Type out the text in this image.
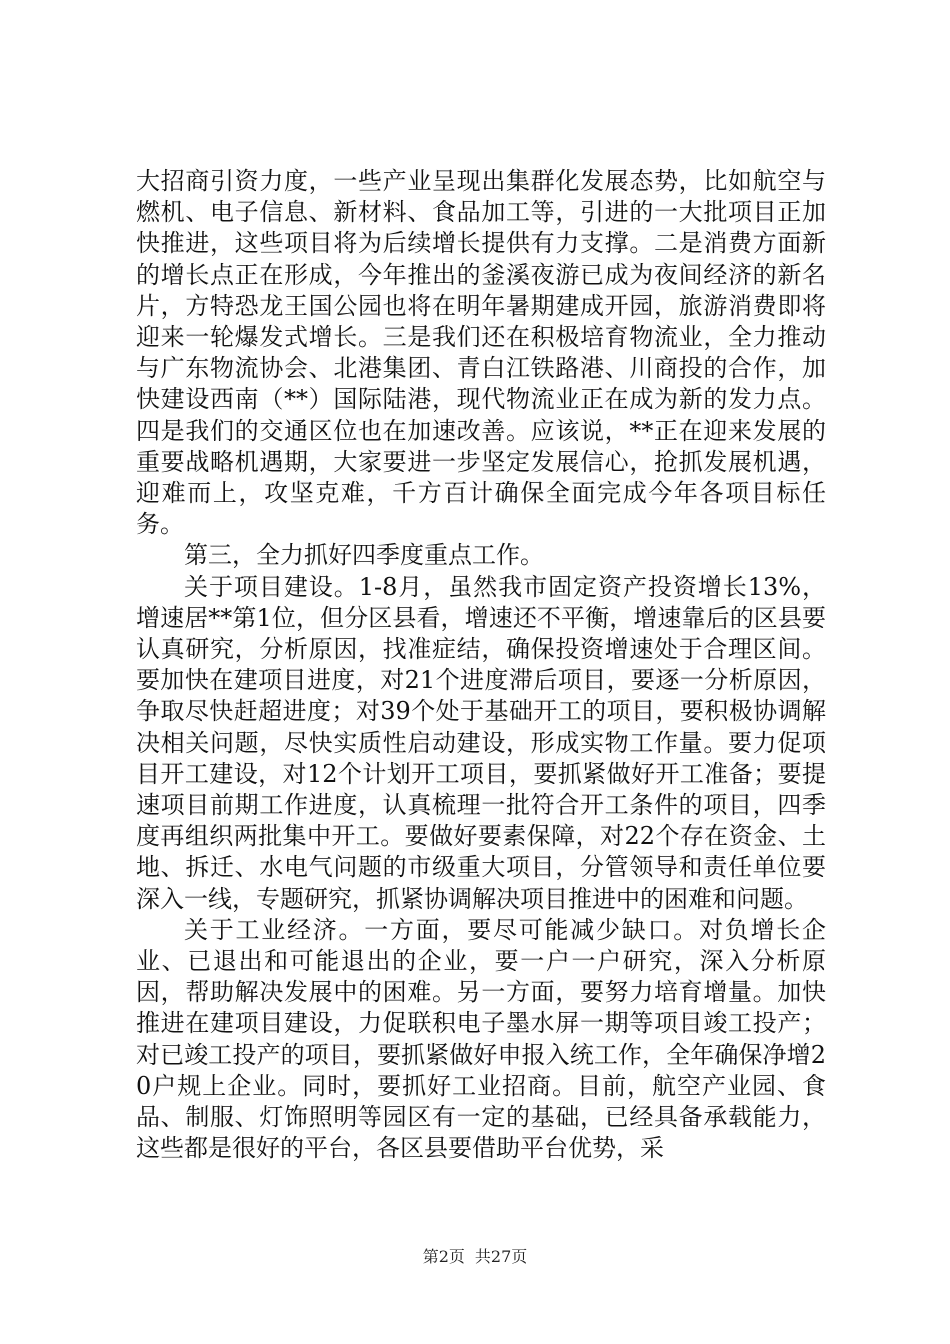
大招商引资力度，一些产业呈现出集群化发展态势，比如航空与燃机、电子信息、新材料、食品加工等，引进的一大批项目正加快推进，这些项目将为后续增长提供有力支撑。二是消费方面新的增长点正在形成，今年推出的釜溪夜游已成为夜间经济的新名片，方特恐龙王国公园也将在明年暑期建成开园，旅游消费即将迎来一轮爆发式增长。三是我们还在积极培育物流业，全力推动与广东物流协会、北港集团、青白江铁路港、川商投的合作，加快建设西南（**）国际陆港，现代物流业正在成为新的发力点。四是我们的交通区位也在加速改善。应该说，**正在迎来发展的重要战略机遇期，大家要进一步坚定发展信心，抢抓发展机遇，迎难而上，攻坚克难，千方百计确保全面完成今年各项目标任务。

第三，全力抓好四季度重点工作。

关于项目建设。1-8月，虽然我市固定资产投资增长13%，增速居**第1位，但分区县看，增速还不平衡，增速靠后的区县要认真研究，分析原因，找准症结，确保投资增速处于合理区间。要加快在建项目进度，对21个进度滞后项目，要逐一分析原因，争取尽快赶超进度；对39个处于基础开工的项目，要积极协调解决相关问题，尽快实质性启动建设，形成实物工作量。要力促项目开工建设，对12个计划开工项目，要抓紧做好开工准备；要提速项目前期工作进度，认真梳理一批符合开工条件的项目，四季度再组织两批集中开工。要做好要素保障，对22个存在资金、土地、拆迁、水电气问题的市级重大项目，分管领导和责任单位要深入一线，专题研究，抓紧协调解决项目推进中的困难和问题。

关于工业经济。一方面，要尽可能减少缺口。对负增长企业、已退出和可能退出的企业，要一户一户研究，深入分析原因，帮助解决发展中的困难。另一方面，要努力培育增量。加快推进在建项目建设，力促联积电子墨水屏一期等项目竣工投产；对已竣工投产的项目，要抓紧做好申报入统工作，全年确保净增20户规上企业。同时，要抓好工业招商。目前，航空产业园、食品、制服、灯饰照明等园区有一定的基础，已经具备承载能力，这些都是很好的平台，各区县要借助平台优势，采

第2页 共27页
